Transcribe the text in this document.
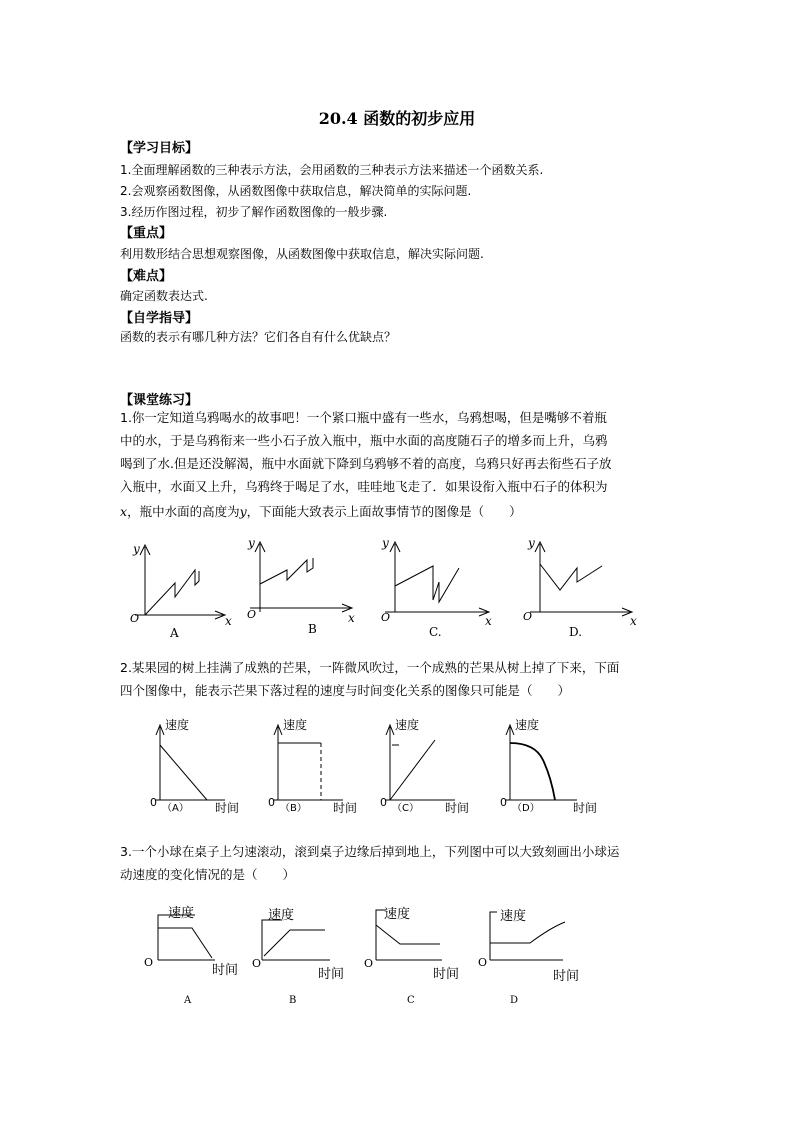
20.4 函数的初步应用
【学习目标】
1.全面理解函数的三种表示方法，会用函数的三种表示方法来描述一个函数关系.
2.会观察函数图像，从函数图像中获取信息，解决简单的实际问题.
3.经历作图过程，初步了解作函数图像的一般步骤.
【重点】
利用数形结合思想观察图像，从函数图像中获取信息，解决实际问题.
【难点】
确定函数表达式.
【自学指导】
函数的表示有哪几种方法？它们各自有什么优缺点？
【课堂练习】
1.你一定知道乌鸦喝水的故事吧！一个紧口瓶中盛有一些水，乌鸦想喝，但是嘴够不着瓶
中的水，于是乌鸦衔来一些小石子放入瓶中，瓶中水面的高度随石子的增多而上升，乌鸦
喝到了水.但是还没解渴，瓶中水面就下降到乌鸦够不着的高度，乌鸦只好再去衔些石子放
入瓶中，水面又上升，乌鸦终于喝足了水，哇哇地飞走了．如果设衔入瓶中石子的体积为
x，瓶中水面的高度为y，下面能大致表示上面故事情节的图像是（　　）
y
x
O
A
y
x
O
B
y
x
O
C.
y
x
O
D.
2.某果园的树上挂满了成熟的芒果，一阵微风吹过，一个成熟的芒果从树上掉了下来，下面
四个图像中，能表示芒果下落过程的速度与时间变化关系的图像只可能是（　　）
速度
时间
0 （A）
速度
时间
0 （B）
速度
时间
0 （C）
速度
时间
0 （D）
3.一个小球在桌子上匀速滚动，滚到桌子边缘后掉到地上，下列图中可以大致刻画出小球运
动速度的变化情况的是（　　）
速度
时间
O
A
速度
时间
O
B
速度
时间
O
C
速度
时间
O
D
